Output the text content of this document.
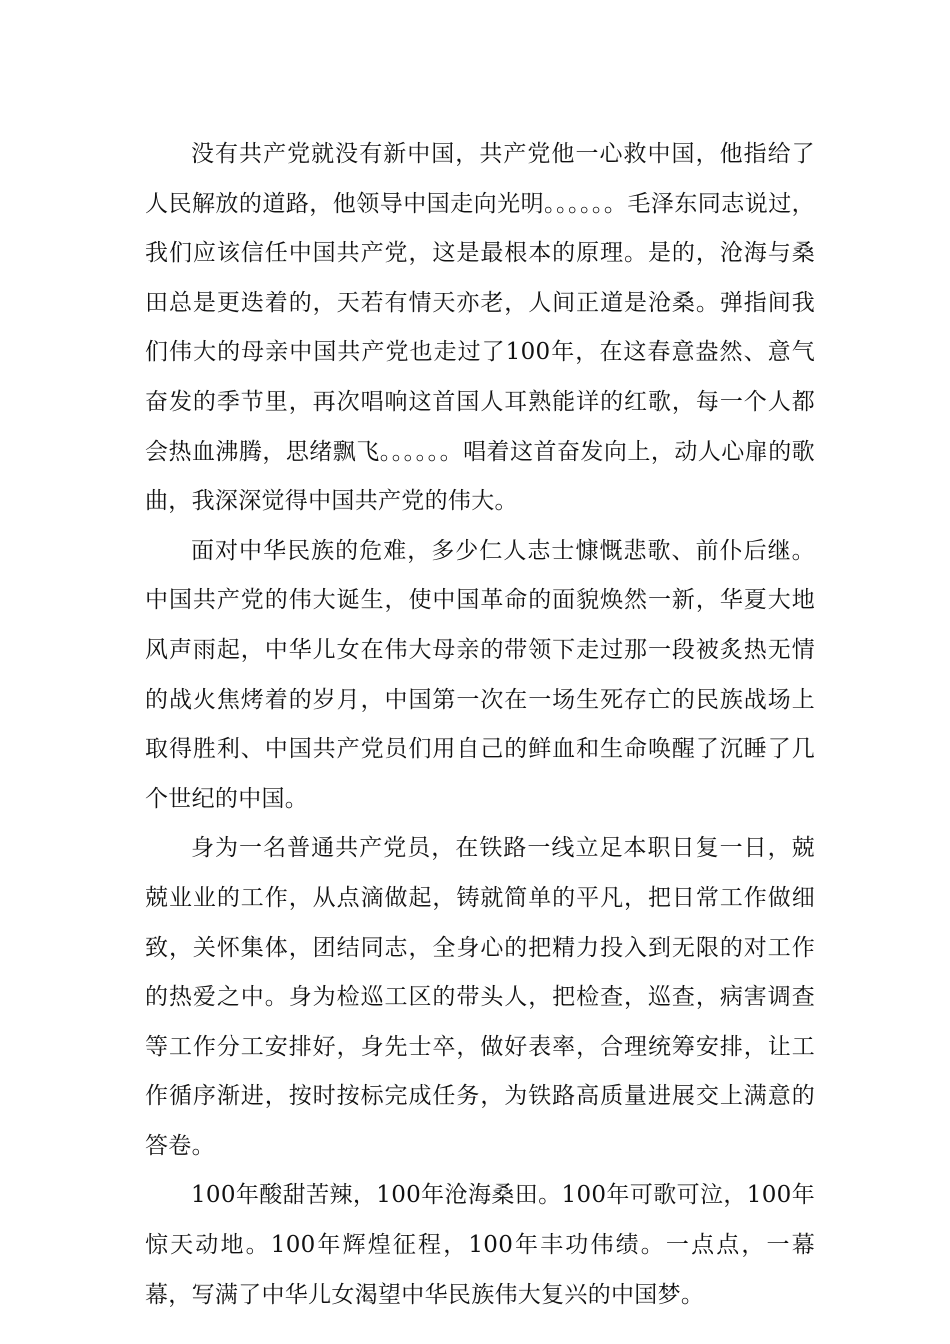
没有共产党就没有新中国，共产党他一心救中国，他指给了人民解放的道路，他领导中国走向光明。。。。。。毛泽东同志说过，我们应该信任中国共产党，这是最根本的原理。是的，沧海与桑田总是更迭着的，天若有情天亦老，人间正道是沧桑。弹指间我们伟大的母亲中国共产党也走过了100年，在这春意盎然、意气奋发的季节里，再次唱响这首国人耳熟能详的红歌，每一个人都会热血沸腾，思绪飘飞。。。。。。唱着这首奋发向上，动人心扉的歌曲，我深深觉得中国共产党的伟大。

面对中华民族的危难，多少仁人志士慷慨悲歌、前仆后继。中国共产党的伟大诞生，使中国革命的面貌焕然一新，华夏大地风声雨起，中华儿女在伟大母亲的带领下走过那一段被炙热无情的战火焦烤着的岁月，中国第一次在一场生死存亡的民族战场上取得胜利、中国共产党员们用自己的鲜血和生命唤醒了沉睡了几个世纪的中国。

身为一名普通共产党员，在铁路一线立足本职日复一日，兢兢业业的工作，从点滴做起，铸就简单的平凡，把日常工作做细致，关怀集体，团结同志，全身心的把精力投入到无限的对工作的热爱之中。身为检巡工区的带头人，把检查，巡查，病害调查等工作分工安排好，身先士卒，做好表率，合理统筹安排，让工作循序渐进，按时按标完成任务，为铁路高质量进展交上满意的答卷。

100年酸甜苦辣，100年沧海桑田。100年可歌可泣，100年惊天动地。100年辉煌征程，100年丰功伟绩。一点点，一幕幕，写满了中华儿女渴望中华民族伟大复兴的中国梦。
